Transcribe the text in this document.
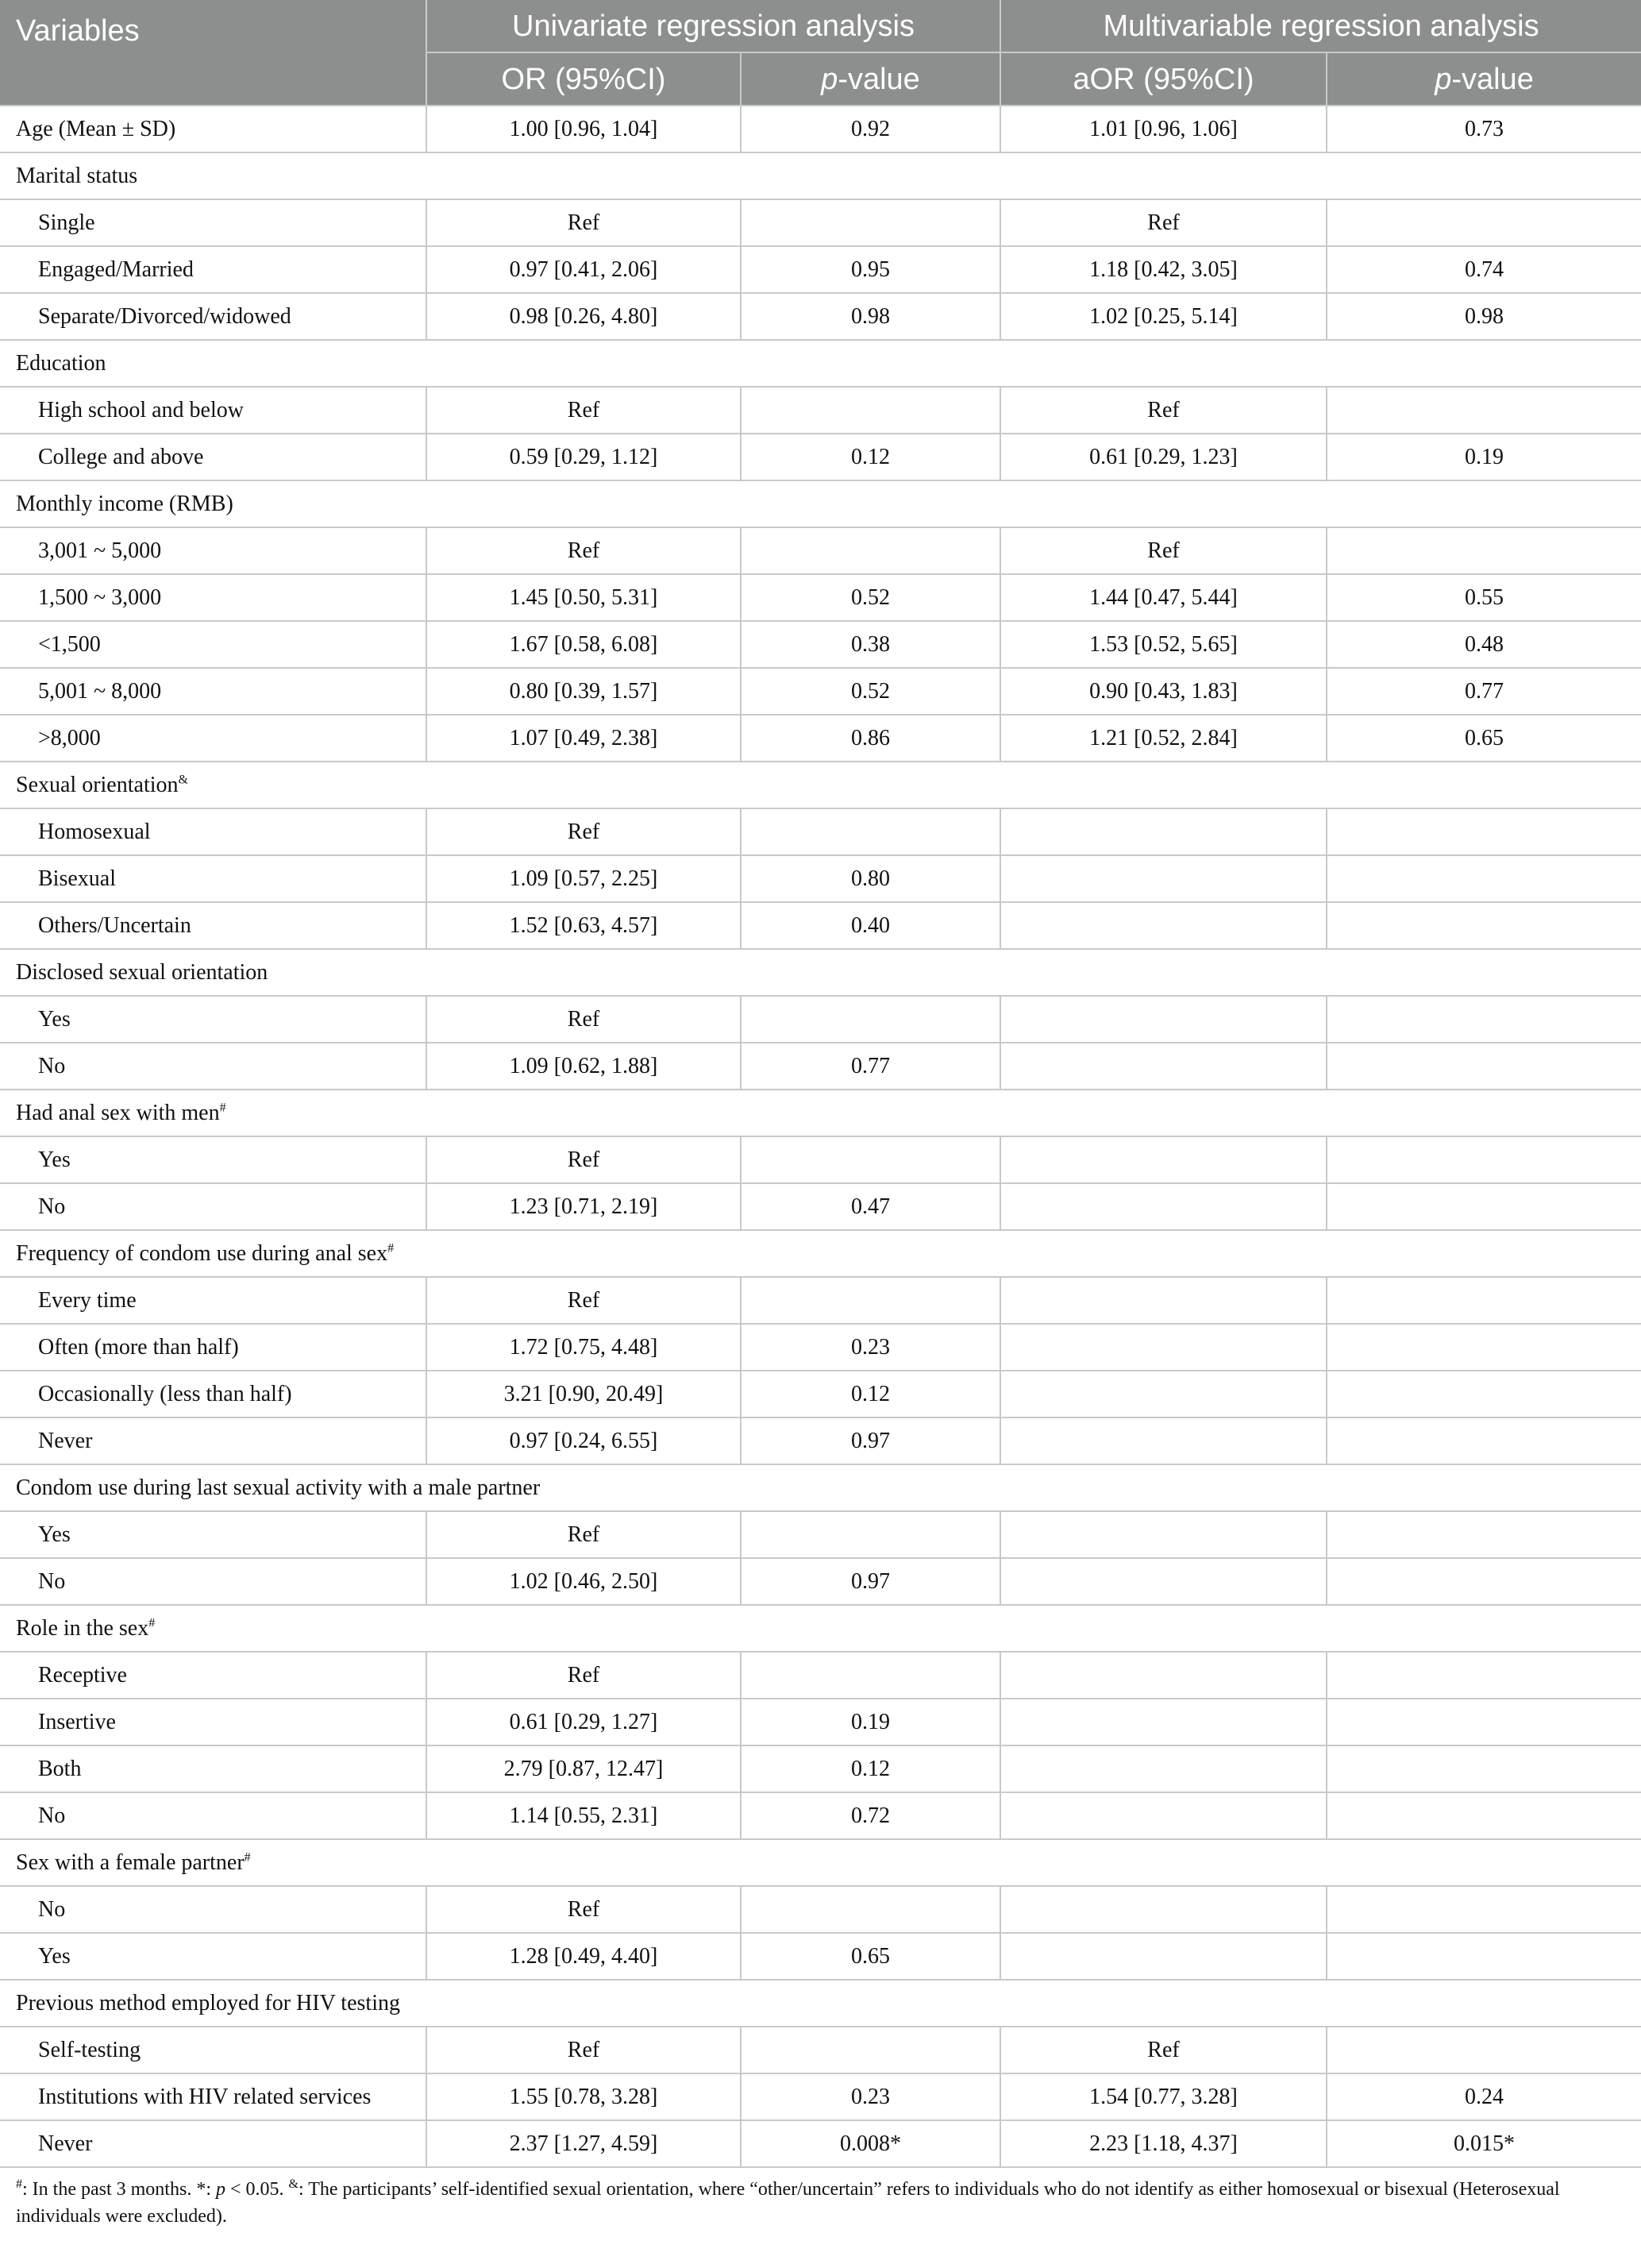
Variables	Univariate regression analysis		Multivariable regression analysis	
	OR (95%CI)	p-value	aOR (95%CI)	p-value
Age (Mean ± SD)	1.00 [0.96, 1.04]	0.92	1.01 [0.96, 1.06]	0.73
Marital status				
Single	Ref		Ref	
Engaged/Married	0.97 [0.41, 2.06]	0.95	1.18 [0.42, 3.05]	0.74
Separate/Divorced/widowed	0.98 [0.26, 4.80]	0.98	1.02 [0.25, 5.14]	0.98
Education				
High school and below	Ref		Ref	
College and above	0.59 [0.29, 1.12]	0.12	0.61 [0.29, 1.23]	0.19
Monthly income (RMB)				
3,001 ~ 5,000	Ref		Ref	
1,500 ~ 3,000	1.45 [0.50, 5.31]	0.52	1.44 [0.47, 5.44]	0.55
<1,500	1.67 [0.58, 6.08]	0.38	1.53 [0.52, 5.65]	0.48
5,001 ~ 8,000	0.80 [0.39, 1.57]	0.52	0.90 [0.43, 1.83]	0.77
>8,000	1.07 [0.49, 2.38]	0.86	1.21 [0.52, 2.84]	0.65
Sexual orientation&
Homosexual	Ref			
Bisexual	1.09 [0.57, 2.25]	0.80		
Others/Uncertain	1.52 [0.63, 4.57]	0.40		
Disclosed sexual orientation				
Yes	Ref			
No	1.09 [0.62, 1.88]	0.77		
Had anal sex with men#
Yes	Ref			
No	1.23 [0.71, 2.19]	0.47		
Frequency of condom use during anal sex#
Every time	Ref			
Often (more than half)	1.72 [0.75, 4.48]	0.23		
Occasionally (less than half)	3.21 [0.90, 20.49]	0.12		
Never	0.97 [0.24, 6.55]	0.97		
Condom use during last sexual activity with a male partner				
Yes	Ref			
No	1.02 [0.46, 2.50]	0.97		
Role in the sex#
Receptive	Ref			
Insertive	0.61 [0.29, 1.27]	0.19		
Both	2.79 [0.87, 12.47]	0.12		
No	1.14 [0.55, 2.31]	0.72		
Sex with a female partner#
No	Ref			
Yes	1.28 [0.49, 4.40]	0.65		
Previous method employed for HIV testing				
Self-testing	Ref		Ref	
Institutions with HIV related services	1.55 [0.78, 3.28]	0.23	1.54 [0.77, 3.28]	0.24
Never	2.37 [1.27, 4.59]	0.008*	2.23 [1.18, 4.37]	0.015*
#: In the past 3 months. *: p < 0.05. &: The participants’ self-identified sexual orientation, where “other/uncertain” refers to individuals who do not identify as either homosexual or bisexual (Heterosexual individuals were excluded).
